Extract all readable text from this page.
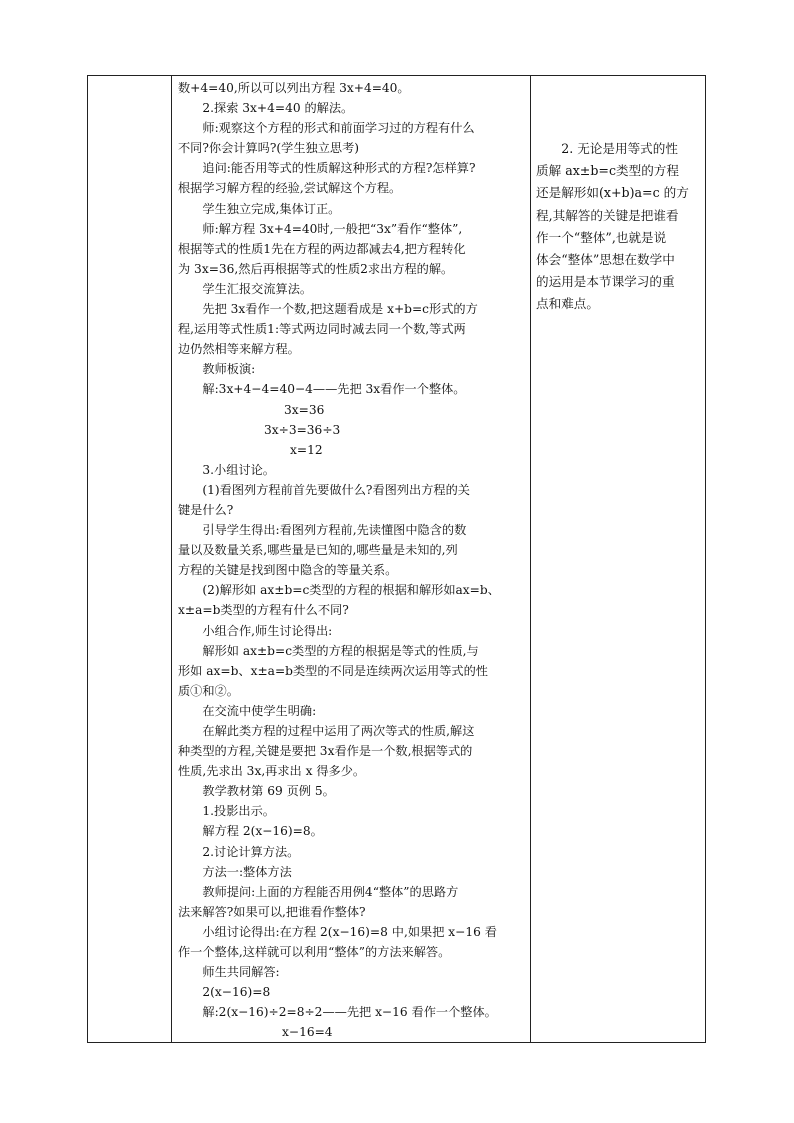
数+4=40,所以可以列出方程 3x+4=40。

2.探索 3x+4=40 的解法。

师:观察这个方程的形式和前面学习过的方程有什么

不同?你会计算吗?(学生独立思考)

追问:能否用等式的性质解这种形式的方程?怎样算?

根据学习解方程的经验,尝试解这个方程。

学生独立完成,集体订正。

师:解方程 3x+4=40时,一般把“3x”看作“整体”,

根据等式的性质1先在方程的两边都减去4,把方程转化

为 3x=36,然后再根据等式的性质2求出方程的解。

学生汇报交流算法。

先把 3x看作一个数,把这题看成是 x+b=c形式的方

程,运用等式性质1:等式两边同时减去同一个数,等式两

边仍然相等来解方程。

教师板演:

解:3x+4−4=40−4——先把 3x看作一个整体。

3x=36

3x÷3=36÷3

x=12

3.小组讨论。

(1)看图列方程前首先要做什么?看图列出方程的关

键是什么?

引导学生得出:看图列方程前,先读懂图中隐含的数

量以及数量关系,哪些量是已知的,哪些量是未知的,列

方程的关键是找到图中隐含的等量关系。

(2)解形如 ax±b=c类型的方程的根据和解形如ax=b、

x±a=b类型的方程有什么不同?

小组合作,师生讨论得出:

解形如 ax±b=c类型的方程的根据是等式的性质,与

形如 ax=b、x±a=b类型的不同是连续两次运用等式的性

质①和②。

在交流中使学生明确:

在解此类方程的过程中运用了两次等式的性质,解这

种类型的方程,关键是要把 3x看作是一个数,根据等式的

性质,先求出 3x,再求出 x 得多少。

教学教材第 69 页例 5。

1.投影出示。

解方程 2(x−16)=8。

2.讨论计算方法。

方法一:整体方法

教师提问:上面的方程能否用例4“整体”的思路方

法来解答?如果可以,把谁看作整体?

小组讨论得出:在方程 2(x−16)=8 中,如果把 x−16 看

作一个整体,这样就可以利用“整体”的方法来解答。

师生共同解答:

2(x−16)=8

解:2(x−16)÷2=8÷2——先把 x−16 看作一个整体。

x−16=4

2. 无论是用等式的性

质解 ax±b=c类型的方程

还是解形如(x+b)a=c 的方

程,其解答的关键是把谁看

作一个“整体”,也就是说

体会“整体”思想在数学中

的运用是本节课学习的重

点和难点。
